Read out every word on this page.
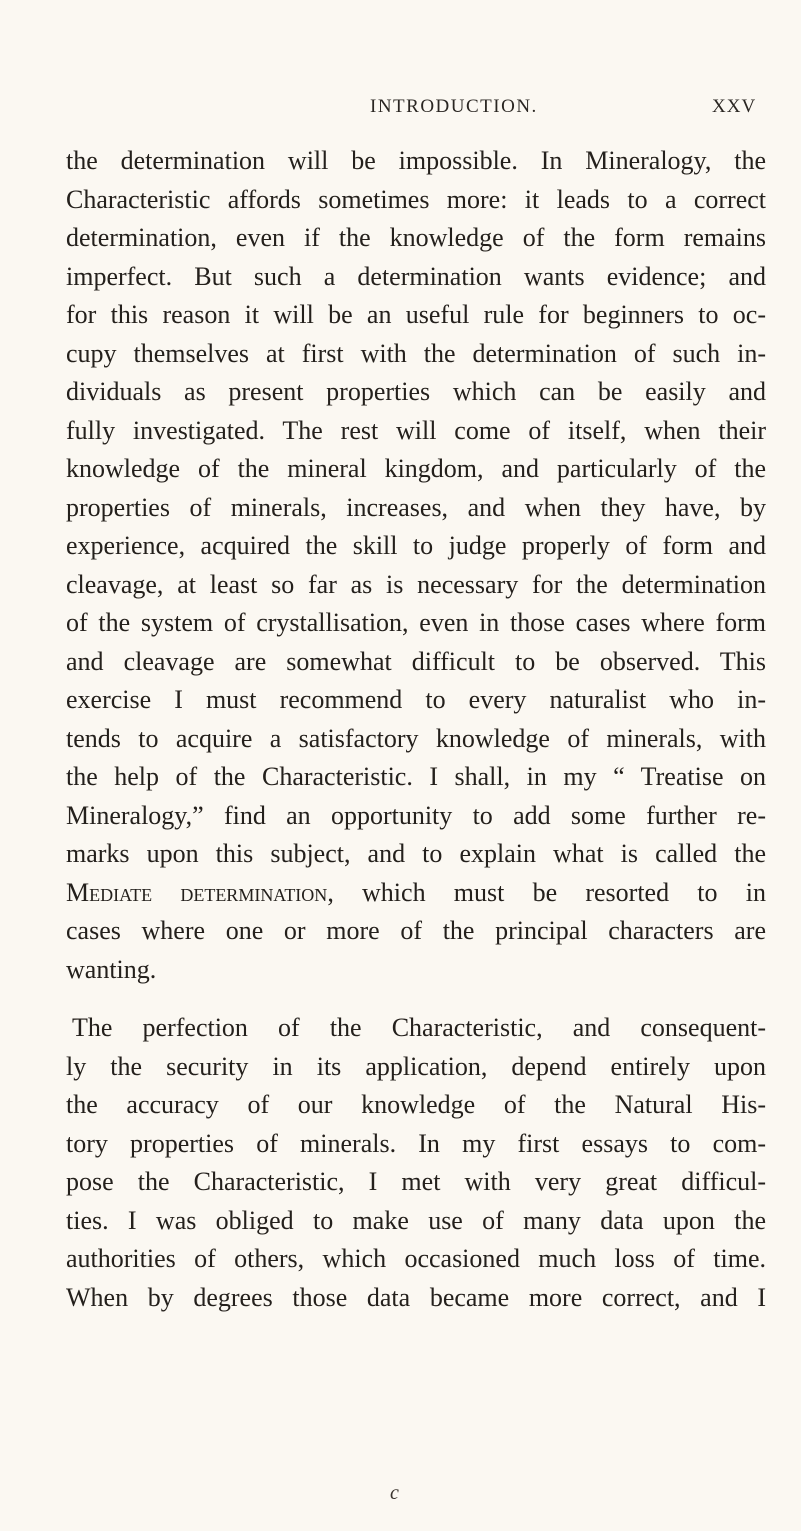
INTRODUCTION.	XXV
the determination will be impossible. In Mineralogy, the
Characteristic affords sometimes more: it leads to a correct
determination, even if the knowledge of the form remains
imperfect. But such a determination wants evidence; and
for this reason it will be an useful rule for beginners to oc-
cupy themselves at first with the determination of such in-
dividuals as present properties which can be easily and
fully investigated. The rest will come of itself, when their
knowledge of the mineral kingdom, and particularly of the
properties of minerals, increases, and when they have, by
experience, acquired the skill to judge properly of form and
cleavage, at least so far as is necessary for the determination
of the system of crystallisation, even in those cases where form
and cleavage are somewhat difficult to be observed. This
exercise I must recommend to every naturalist who in-
tends to acquire a satisfactory knowledge of minerals, with
the help of the Characteristic. I shall, in my “ Treatise on
Mineralogy,” find an opportunity to add some further re-
marks upon this subject, and to explain what is called the
Mediate determination, which must be resorted to in
cases where one or more of the principal characters are
wanting.
The perfection of the Characteristic, and consequent-
ly the security in its application, depend entirely upon
the accuracy of our knowledge of the Natural His-
tory properties of minerals. In my first essays to com-
pose the Characteristic, I met with very great difficul-
ties. I was obliged to make use of many data upon the
authorities of others, which occasioned much loss of time.
When by degrees those data became more correct, and I
c
